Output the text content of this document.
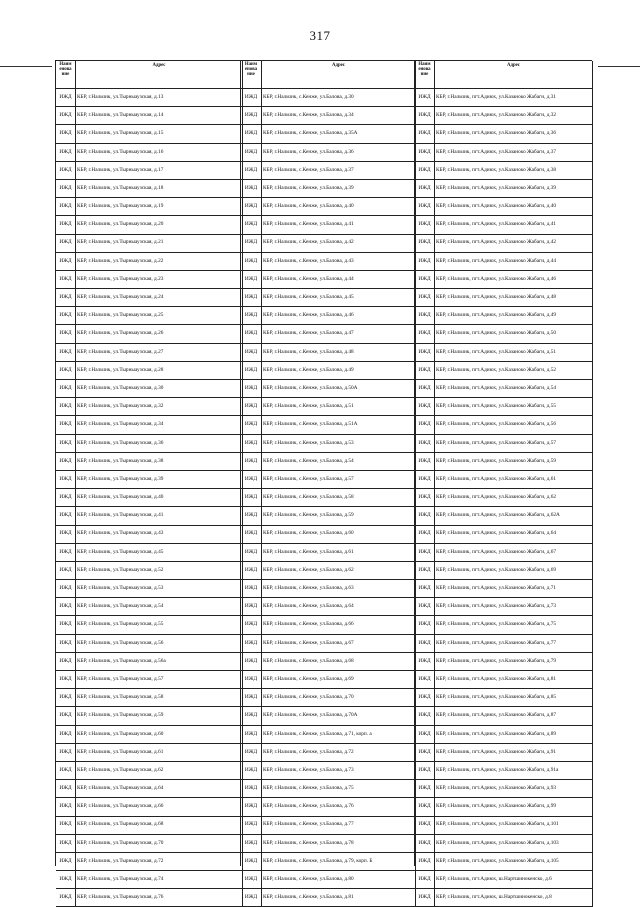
317
Наим енова ние
Адрес
ИЖД	КБР, г.Нальчик, ул.Тырныаузская, д.13
ИЖД	КБР, г.Нальчик, ул.Тырныаузская, д.14
ИЖД	КБР, г.Нальчик, ул.Тырныаузская, д.15
ИЖД	КБР, г.Нальчик, ул.Тырныаузская, д.16
ИЖД	КБР, г.Нальчик, ул.Тырныаузская, д.17
ИЖД	КБР, г.Нальчик, ул.Тырныаузская, д.18
ИЖД	КБР, г.Нальчик, ул.Тырныаузская, д.19
ИЖД	КБР, г.Нальчик, ул.Тырныаузская, д.20
ИЖД	КБР, г.Нальчик, ул.Тырныаузская, д.21
ИЖД	КБР, г.Нальчик, ул.Тырныаузская, д.22
ИЖД	КБР, г.Нальчик, ул.Тырныаузская, д.23
ИЖД	КБР, г.Нальчик, ул.Тырныаузская, д.24
ИЖД	КБР, г.Нальчик, ул.Тырныаузская, д.25
ИЖД	КБР, г.Нальчик, ул.Тырныаузская, д.26
ИЖД	КБР, г.Нальчик, ул.Тырныаузская, д.27
ИЖД	КБР, г.Нальчик, ул.Тырныаузская, д.28
ИЖД	КБР, г.Нальчик, ул.Тырныаузская, д.30
ИЖД	КБР, г.Нальчик, ул.Тырныаузская, д.32
ИЖД	КБР, г.Нальчик, ул.Тырныаузская, д.34
ИЖД	КБР, г.Нальчик, ул.Тырныаузская, д.36
ИЖД	КБР, г.Нальчик, ул.Тырныаузская, д.38
ИЖД	КБР, г.Нальчик, ул.Тырныаузская, д.39
ИЖД	КБР, г.Нальчик, ул.Тырныаузская, д.40
ИЖД	КБР, г.Нальчик, ул.Тырныаузская, д.41
ИЖД	КБР, г.Нальчик, ул.Тырныаузская, д.43
ИЖД	КБР, г.Нальчик, ул.Тырныаузская, д.45
ИЖД	КБР, г.Нальчик, ул.Тырныаузская, д.52
ИЖД	КБР, г.Нальчик, ул.Тырныаузская, д.53
ИЖД	КБР, г.Нальчик, ул.Тырныаузская, д.54
ИЖД	КБР, г.Нальчик, ул.Тырныаузская, д.55
ИЖД	КБР, г.Нальчик, ул.Тырныаузская, д.56
ИЖД	КБР, г.Нальчик, ул.Тырныаузская, д.56а
ИЖД	КБР, г.Нальчик, ул.Тырныаузская, д.57
ИЖД	КБР, г.Нальчик, ул.Тырныаузская, д.58
ИЖД	КБР, г.Нальчик, ул.Тырныаузская, д.59
ИЖД	КБР, г.Нальчик, ул.Тырныаузская, д.60
ИЖД	КБР, г.Нальчик, ул.Тырныаузская, д.61
ИЖД	КБР, г.Нальчик, ул.Тырныаузская, д.62
ИЖД	КБР, г.Нальчик, ул.Тырныаузская, д.64
ИЖД	КБР, г.Нальчик, ул.Тырныаузская, д.66
ИЖД	КБР, г.Нальчик, ул.Тырныаузская, д.68
ИЖД	КБР, г.Нальчик, ул.Тырныаузская, д.70
ИЖД	КБР, г.Нальчик, ул.Тырныаузская, д.72
ИЖД	КБР, г.Нальчик, ул.Тырныаузская, д.74
ИЖД	КБР, г.Нальчик, ул.Тырныаузская, д.76
Наим енова ние
Адрес
ИЖД	КБР, г.Нальчик, с.Кенже, ул.Балова, д.30
ИЖД	КБР, г.Нальчик, с.Кенже, ул.Балова, д.34
ИЖД	КБР, г.Нальчик, с.Кенже, ул.Балова, д.35А
ИЖД	КБР, г.Нальчик, с.Кенже, ул.Балова, д.36
ИЖД	КБР, г.Нальчик, с.Кенже, ул.Балова, д.37
ИЖД	КБР, г.Нальчик, с.Кенже, ул.Балова, д.39
ИЖД	КБР, г.Нальчик, с.Кенже, ул.Балова, д.40
ИЖД	КБР, г.Нальчик, с.Кенже, ул.Балова, д.41
ИЖД	КБР, г.Нальчик, с.Кенже, ул.Балова, д.42
ИЖД	КБР, г.Нальчик, с.Кенже, ул.Балова, д.43
ИЖД	КБР, г.Нальчик, с.Кенже, ул.Балова, д.44
ИЖД	КБР, г.Нальчик, с.Кенже, ул.Балова, д.45
ИЖД	КБР, г.Нальчик, с.Кенже, ул.Балова, д.46
ИЖД	КБР, г.Нальчик, с.Кенже, ул.Балова, д.47
ИЖД	КБР, г.Нальчик, с.Кенже, ул.Балова, д.48
ИЖД	КБР, г.Нальчик, с.Кенже, ул.Балова, д.49
ИЖД	КБР, г.Нальчик, с.Кенже, ул.Балова, д.50А
ИЖД	КБР, г.Нальчик, с.Кенже, ул.Балова, д.51
ИЖД	КБР, г.Нальчик, с.Кенже, ул.Балова, д.51А
ИЖД	КБР, г.Нальчик, с.Кенже, ул.Балова, д.53
ИЖД	КБР, г.Нальчик, с.Кенже, ул.Балова, д.54
ИЖД	КБР, г.Нальчик, с.Кенже, ул.Балова, д.57
ИЖД	КБР, г.Нальчик, с.Кенже, ул.Балова, д.58
ИЖД	КБР, г.Нальчик, с.Кенже, ул.Балова, д.59
ИЖД	КБР, г.Нальчик, с.Кенже, ул.Балова, д.60
ИЖД	КБР, г.Нальчик, с.Кенже, ул.Балова, д.61
ИЖД	КБР, г.Нальчик, с.Кенже, ул.Балова, д.62
ИЖД	КБР, г.Нальчик, с.Кенже, ул.Балова, д.63
ИЖД	КБР, г.Нальчик, с.Кенже, ул.Балова, д.64
ИЖД	КБР, г.Нальчик, с.Кенже, ул.Балова, д.66
ИЖД	КБР, г.Нальчик, с.Кенже, ул.Балова, д.67
ИЖД	КБР, г.Нальчик, с.Кенже, ул.Балова, д.68
ИЖД	КБР, г.Нальчик, с.Кенже, ул.Балова, д.69
ИЖД	КБР, г.Нальчик, с.Кенже, ул.Балова, д.70
ИЖД	КБР, г.Нальчик, с.Кенже, ул.Балова, д.70А
ИЖД	КБР, г.Нальчик, с.Кенже, ул.Балова, д.71, корп. а
ИЖД	КБР, г.Нальчик, с.Кенже, ул.Балова, д.72
ИЖД	КБР, г.Нальчик, с.Кенже, ул.Балова, д.73
ИЖД	КБР, г.Нальчик, с.Кенже, ул.Балова, д.75
ИЖД	КБР, г.Нальчик, с.Кенже, ул.Балова, д.76
ИЖД	КБР, г.Нальчик, с.Кенже, ул.Балова, д.77
ИЖД	КБР, г.Нальчик, с.Кенже, ул.Балова, д.78
ИЖД	КБР, г.Нальчик, с.Кенже, ул.Балова, д.79, корп. Б
ИЖД	КБР, г.Нальчик, с.Кенже, ул.Балова, д.80
ИЖД	КБР, г.Нальчик, с.Кенже, ул.Балова, д.81
Наим енова ние
Адрес
ИЖД	КБР, г.Нальчик, пгт.Адиюх, ул.Казаноко Жабаги, д.31
ИЖД	КБР, г.Нальчик, пгт.Адиюх, ул.Казаноко Жабаги, д.32
ИЖД	КБР, г.Нальчик, пгт.Адиюх, ул.Казаноко Жабаги, д.36
ИЖД	КБР, г.Нальчик, пгт.Адиюх, ул.Казаноко Жабаги, д.37
ИЖД	КБР, г.Нальчик, пгт.Адиюх, ул.Казаноко Жабаги, д.38
ИЖД	КБР, г.Нальчик, пгт.Адиюх, ул.Казаноко Жабаги, д.39
ИЖД	КБР, г.Нальчик, пгт.Адиюх, ул.Казаноко Жабаги, д.40
ИЖД	КБР, г.Нальчик, пгт.Адиюх, ул.Казаноко Жабаги, д.41
ИЖД	КБР, г.Нальчик, пгт.Адиюх, ул.Казаноко Жабаги, д.42
ИЖД	КБР, г.Нальчик, пгт.Адиюх, ул.Казаноко Жабаги, д.44
ИЖД	КБР, г.Нальчик, пгт.Адиюх, ул.Казаноко Жабаги, д.46
ИЖД	КБР, г.Нальчик, пгт.Адиюх, ул.Казаноко Жабаги, д.48
ИЖД	КБР, г.Нальчик, пгт.Адиюх, ул.Казаноко Жабаги, д.49
ИЖД	КБР, г.Нальчик, пгт.Адиюх, ул.Казаноко Жабаги, д.50
ИЖД	КБР, г.Нальчик, пгт.Адиюх, ул.Казаноко Жабаги, д.51
ИЖД	КБР, г.Нальчик, пгт.Адиюх, ул.Казаноко Жабаги, д.52
ИЖД	КБР, г.Нальчик, пгт.Адиюх, ул.Казаноко Жабаги, д.54
ИЖД	КБР, г.Нальчик, пгт.Адиюх, ул.Казаноко Жабаги, д.55
ИЖД	КБР, г.Нальчик, пгт.Адиюх, ул.Казаноко Жабаги, д.56
ИЖД	КБР, г.Нальчик, пгт.Адиюх, ул.Казаноко Жабаги, д.57
ИЖД	КБР, г.Нальчик, пгт.Адиюх, ул.Казаноко Жабаги, д.59
ИЖД	КБР, г.Нальчик, пгт.Адиюх, ул.Казаноко Жабаги, д.61
ИЖД	КБР, г.Нальчик, пгт.Адиюх, ул.Казаноко Жабаги, д.62
ИЖД	КБР, г.Нальчик, пгт.Адиюх, ул.Казаноко Жабаги, д.62А
ИЖД	КБР, г.Нальчик, пгт.Адиюх, ул.Казаноко Жабаги, д.64
ИЖД	КБР, г.Нальчик, пгт.Адиюх, ул.Казаноко Жабаги, д.67
ИЖД	КБР, г.Нальчик, пгт.Адиюх, ул.Казаноко Жабаги, д.69
ИЖД	КБР, г.Нальчик, пгт.Адиюх, ул.Казаноко Жабаги, д.71
ИЖД	КБР, г.Нальчик, пгт.Адиюх, ул.Казаноко Жабаги, д.73
ИЖД	КБР, г.Нальчик, пгт.Адиюх, ул.Казаноко Жабаги, д.75
ИЖД	КБР, г.Нальчик, пгт.Адиюх, ул.Казаноко Жабаги, д.77
ИЖД	КБР, г.Нальчик, пгт.Адиюх, ул.Казаноко Жабаги, д.79
ИЖД	КБР, г.Нальчик, пгт.Адиюх, ул.Казаноко Жабаги, д.81
ИЖД	КБР, г.Нальчик, пгт.Адиюх, ул.Казаноко Жабаги, д.85
ИЖД	КБР, г.Нальчик, пгт.Адиюх, ул.Казаноко Жабаги, д.87
ИЖД	КБР, г.Нальчик, пгт.Адиюх, ул.Казаноко Жабаги, д.89
ИЖД	КБР, г.Нальчик, пгт.Адиюх, ул.Казаноко Жабаги, д.91
ИЖД	КБР, г.Нальчик, пгт.Адиюх, ул.Казаноко Жабаги, д.91а
ИЖД	КБР, г.Нальчик, пгт.Адиюх, ул.Казаноко Жабаги, д.93
ИЖД	КБР, г.Нальчик, пгт.Адиюх, ул.Казаноко Жабаги, д.99
ИЖД	КБР, г.Нальчик, пгт.Адиюх, ул.Казаноко Жабаги, д.101
ИЖД	КБР, г.Нальчик, пгт.Адиюх, ул.Казаноко Жабаги, д.103
ИЖД	КБР, г.Нальчик, пгт.Адиюх, ул.Казаноко Жабаги, д.105
ИЖД	КБР, г.Нальчик, пгт.Адиюх, ш.Нартшинокенско, д.6
ИЖД	КБР, г.Нальчик, пгт.Адиюх, ш.Нартшинокенско, д.8
